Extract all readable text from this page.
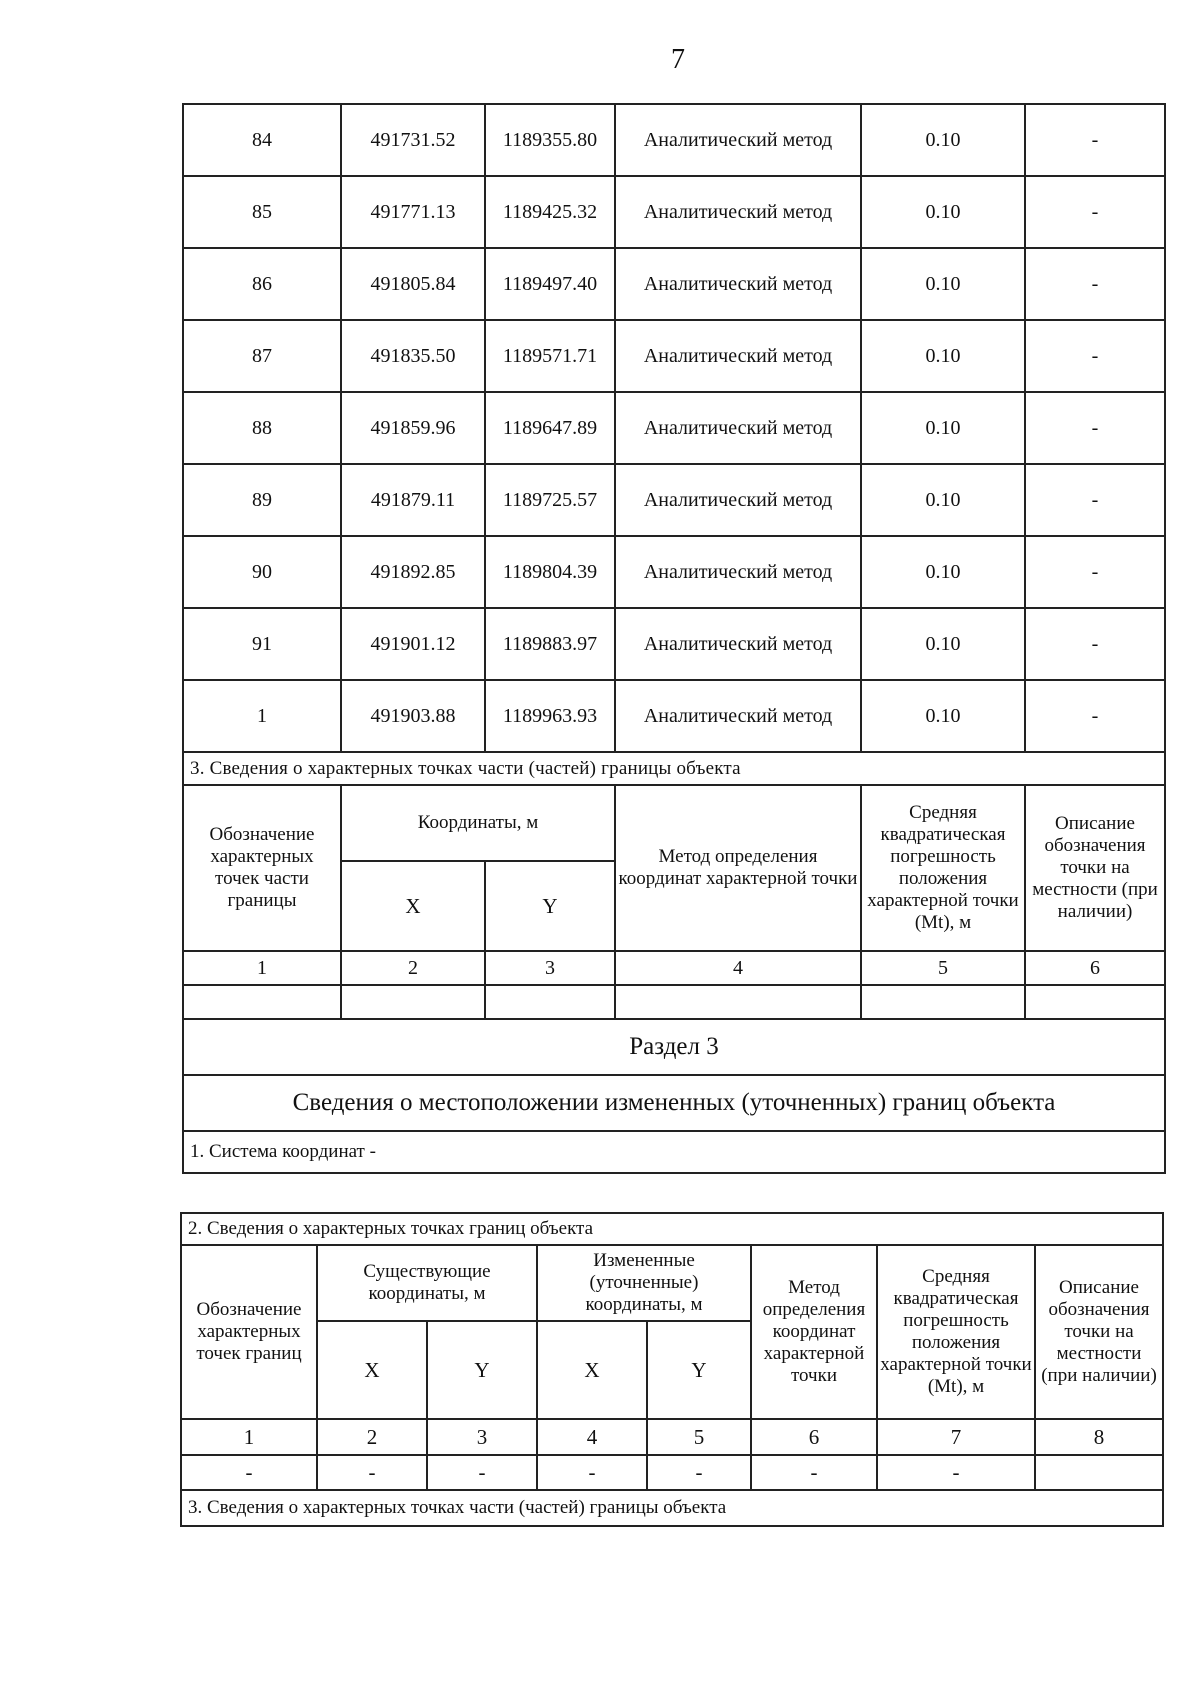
7
84	491731.52	1189355.80	Аналитический метод	0.10	-
85	491771.13	1189425.32	Аналитический метод	0.10	-
86	491805.84	1189497.40	Аналитический метод	0.10	-
87	491835.50	1189571.71	Аналитический метод	0.10	-
88	491859.96	1189647.89	Аналитический метод	0.10	-
89	491879.11	1189725.57	Аналитический метод	0.10	-
90	491892.85	1189804.39	Аналитический метод	0.10	-
91	491901.12	1189883.97	Аналитический метод	0.10	-
1	491903.88	1189963.93	Аналитический метод	0.10	-
3. Сведения о характерных точках части (частей) границы объекта					
Обозначение характерных точек части границы	Координаты, м		Метод определения координат характерной точки	Средняя квадратическая погрешность положения характерной точки (Mt), м	Описание обозначения точки на местности (при наличии)
	X	Y			
1	2	3	4	5	6

Раздел 3					
Сведения о местоположении измененных (уточненных) границ объекта					
1. Система координат -					
2. Сведения о характерных точках границ объекта							
Обозначение характерных точек границ	Существующие координаты, м		Измененные (уточненные) координаты, м		Метод определения координат характерной точки	Средняя квадратическая погрешность положения характерной точки (Mt), м	Описание обозначения точки на местности (при наличии)
	X	Y	X	Y			
1	2	3	4	5	6	7	8
-	-	-	-	-	-	-	
3. Сведения о характерных точках части (частей) границы объекта							
